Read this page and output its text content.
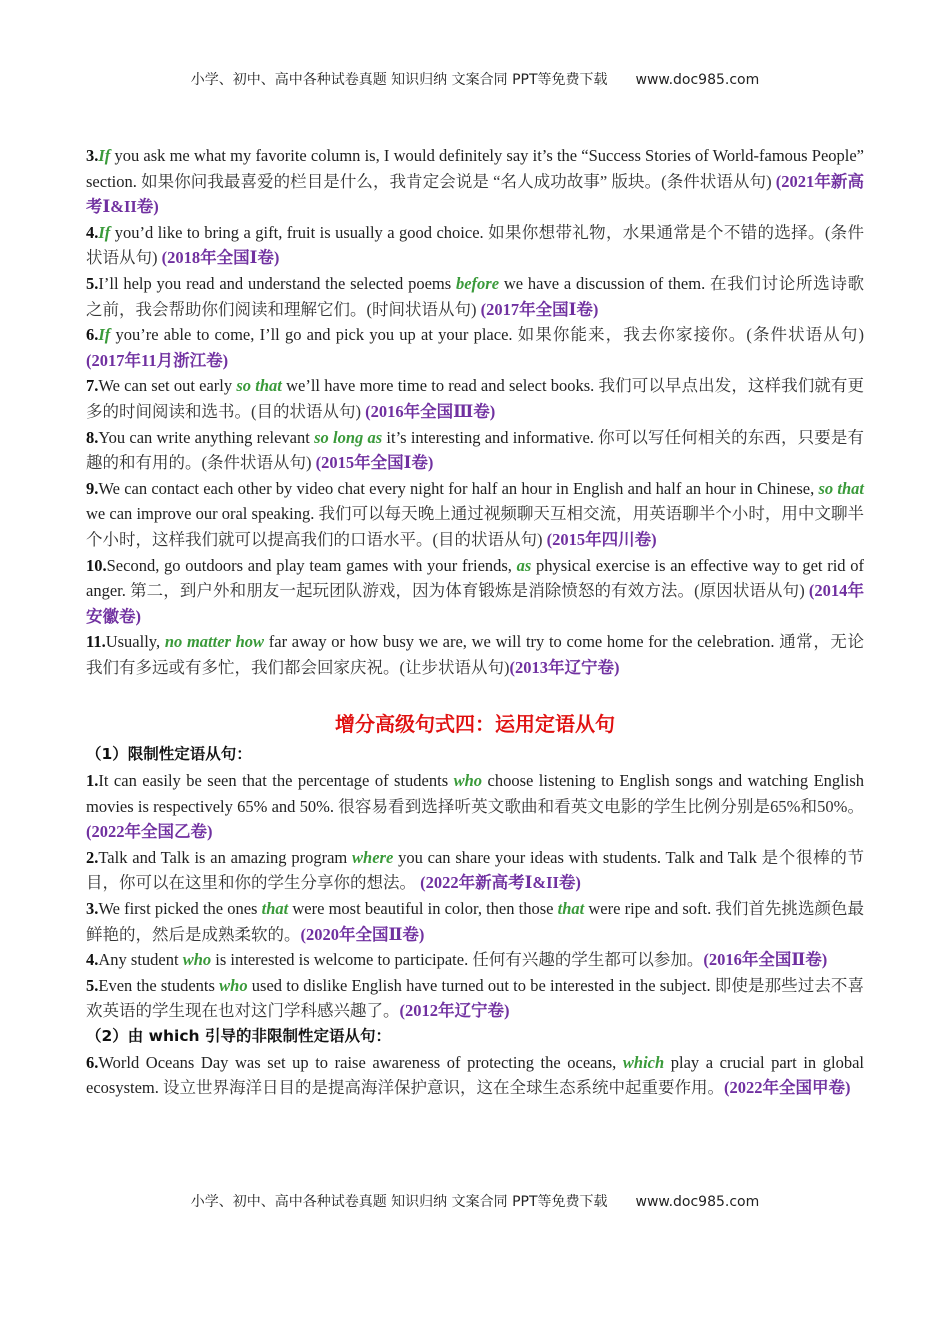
小学、初中、高中各种试卷真题 知识归纳 文案合同 PPT等免费下载 www.doc985.com

3.If you ask me what my favorite column is, I would definitely say it’s the “Success Stories of World-famous People” section. 如果你问我最喜爱的栏目是什么，我肯定会说是 “名人成功故事” 版块。(条件状语从句) (2021年新高考Ⅰ&II卷)

4.If you’d like to bring a gift, fruit is usually a good choice. 如果你想带礼物，水果通常是个不错的选择。(条件状语从句) (2018年全国Ⅰ卷)

5.I’ll help you read and understand the selected poems before we have a discussion of them. 在我们讨论所选诗歌之前，我会帮助你们阅读和理解它们。(时间状语从句) (2017年全国Ⅰ卷)

6.If you’re able to come, I’ll go and pick you up at your place. 如果你能来，我去你家接你。(条件状语从句) (2017年11月浙江卷)

7.We can set out early so that we’ll have more time to read and select books. 我们可以早点出发，这样我们就有更多的时间阅读和选书。(目的状语从句) (2016年全国Ⅲ卷)

8.You can write anything relevant so long as it’s interesting and informative. 你可以写任何相关的东西，只要是有趣的和有用的。(条件状语从句) (2015年全国Ⅰ卷)

9.We can contact each other by video chat every night for half an hour in English and half an hour in Chinese, so that we can improve our oral speaking. 我们可以每天晚上通过视频聊天互相交流，用英语聊半个小时，用中文聊半个小时，这样我们就可以提高我们的口语水平。(目的状语从句) (2015年四川卷)

10.Second, go outdoors and play team games with your friends, as physical exercise is an effective way to get rid of anger. 第二，到户外和朋友一起玩团队游戏，因为体育锻炼是消除愤怒的有效方法。(原因状语从句) (2014年安徽卷)

11.Usually, no matter how far away or how busy we are, we will try to come home for the celebration. 通常，无论我们有多远或有多忙，我们都会回家庆祝。(让步状语从句)(2013年辽宁卷)

增分高级句式四：运用定语从句
（1）限制性定语从句：

1.It can easily be seen that the percentage of students who choose listening to English songs and watching English movies is respectively 65% and 50%. 很容易看到选择听英文歌曲和看英文电影的学生比例分别是65%和50%。 (2022年全国乙卷)

2.Talk and Talk is an amazing program where you can share your ideas with students. Talk and Talk 是个很棒的节目，你可以在这里和你的学生分享你的想法。 (2022年新高考Ⅰ&II卷)

3.We first picked the ones that were most beautiful in color, then those that were ripe and soft. 我们首先挑选颜色最鲜艳的，然后是成熟柔软的。(2020年全国Ⅱ卷)

4.Any student who is interested is welcome to participate. 任何有兴趣的学生都可以参加。(2016年全国Ⅱ卷)

5.Even the students who used to dislike English have turned out to be interested in the subject. 即使是那些过去不喜欢英语的学生现在也对这门学科感兴趣了。(2012年辽宁卷)

（2）由 which 引导的非限制性定语从句：

6.World Oceans Day was set up to raise awareness of protecting the oceans, which play a crucial part in global ecosystem. 设立世界海洋日目的是提高海洋保护意识，这在全球生态系统中起重要作用。(2022年全国甲卷)

小学、初中、高中各种试卷真题 知识归纳 文案合同 PPT等免费下载 www.doc985.com
